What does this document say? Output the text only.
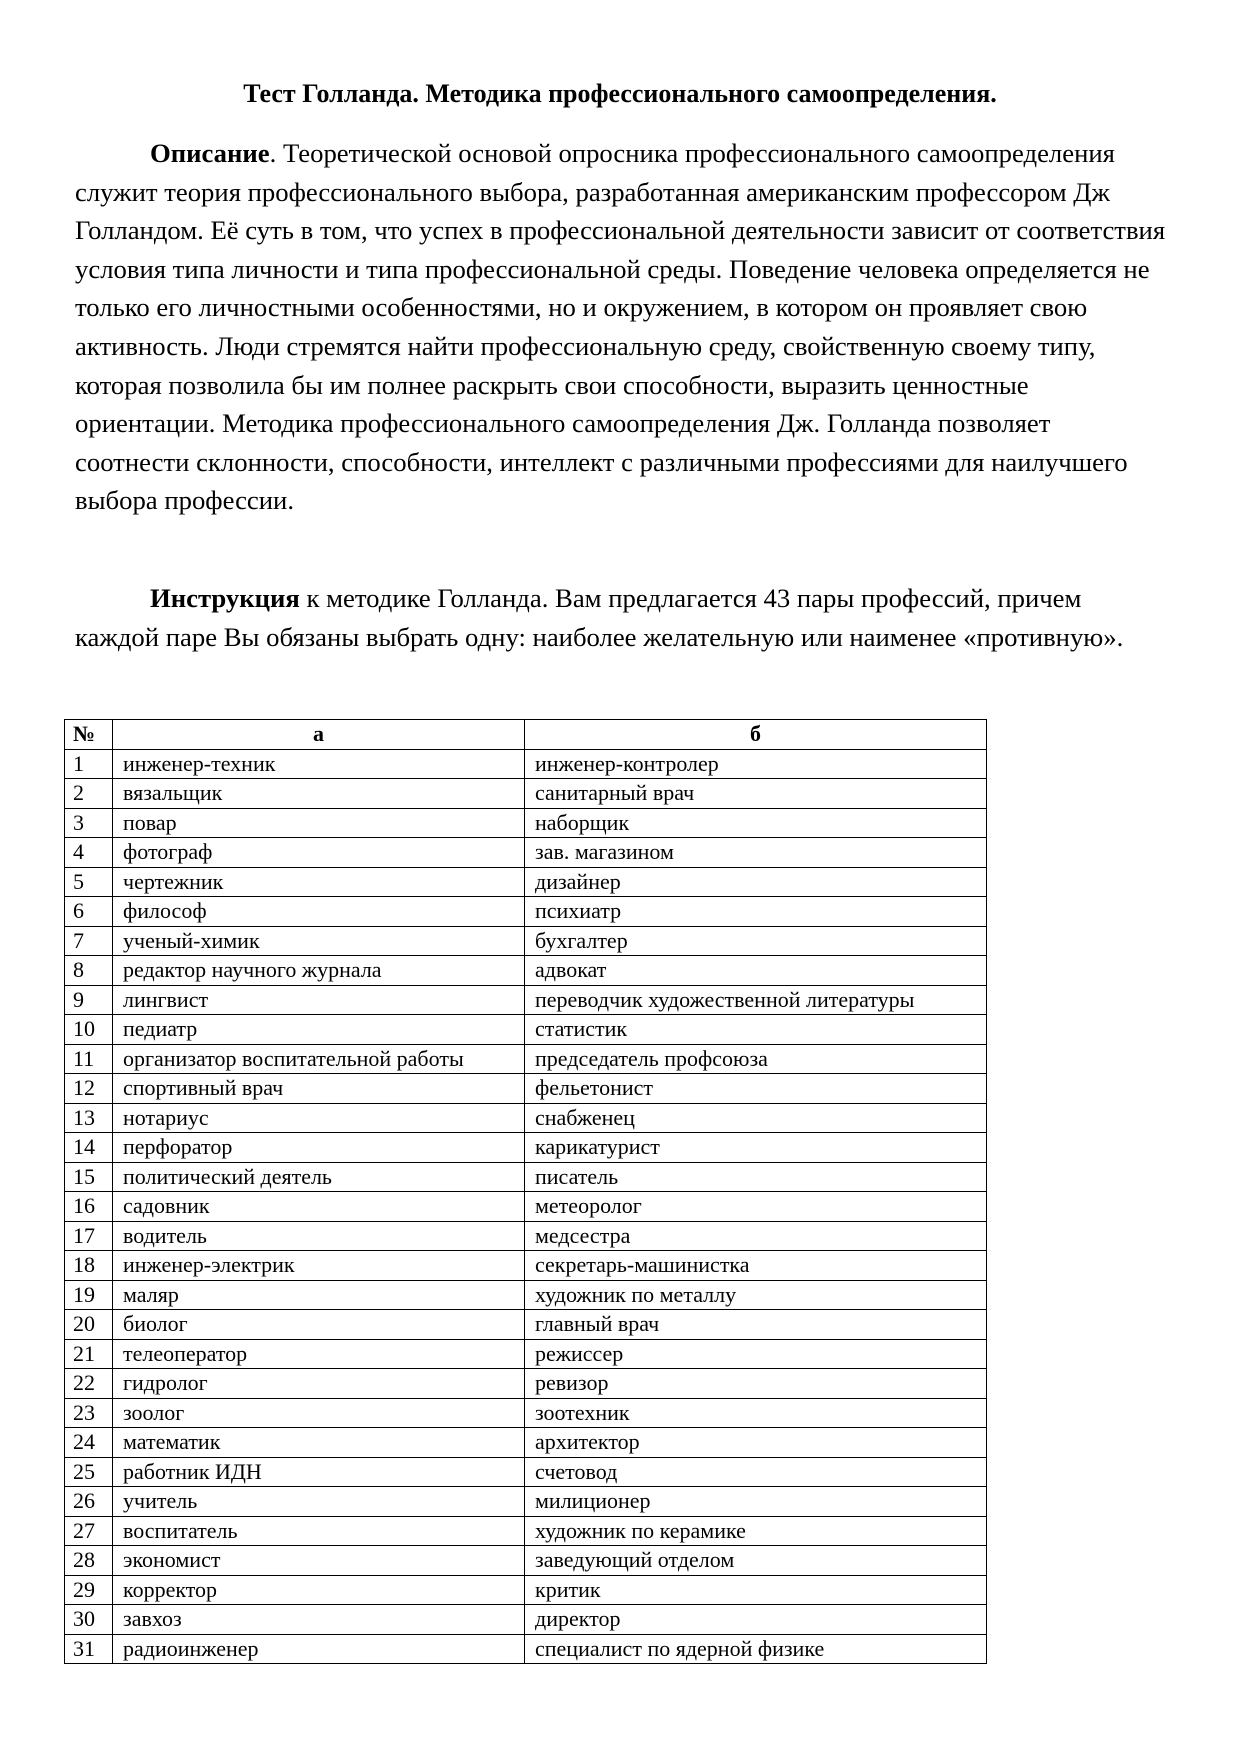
Тест Голланда. Методика профессионального самоопределения.

Описание. Теоретической основой опросника профессионального самоопределения служит теория профессионального выбора, разработанная американским профессором Дж Голландом. Её суть в том, что успех в профессиональной деятельности зависит от соответствия условия типа личности и типа профессиональной среды. Поведение человека определяется не только его личностными особенностями, но и окружением, в котором он проявляет свою активность. Люди стремятся найти профессиональную среду, свойственную своему типу, которая позволила бы им полнее раскрыть свои способности, выразить ценностные ориентации. Методика профессионального самоопределения Дж. Голланда позволяет соотнести склонности, способности, интеллект с различными профессиями для наилучшего выбора профессии.

Инструкция к методике Голланда. Вам предлагается 43 пары профессий, причем каждой паре Вы обязаны выбрать одну: наиболее желательную или наименее «противную».

№	а	б
1	инженер-техник	инженер-контролер
2	вязальщик	санитарный врач
3	повар	наборщик
4	фотограф	зав. магазином
5	чертежник	дизайнер
6	философ	психиатр
7	ученый-химик	бухгалтер
8	редактор научного журнала	адвокат
9	лингвист	переводчик художественной литературы
10	педиатр	статистик
11	организатор воспитательной работы	председатель профсоюза
12	спортивный врач	фельетонист
13	нотариус	снабженец
14	перфоратор	карикатурист
15	политический деятель	писатель
16	садовник	метеоролог
17	водитель	медсестра
18	инженер-электрик	секретарь-машинистка
19	маляр	художник по металлу
20	биолог	главный врач
21	телеоператор	режиссер
22	гидролог	ревизор
23	зоолог	зоотехник
24	математик	архитектор
25	работник ИДН	счетовод
26	учитель	милиционер
27	воспитатель	художник по керамике
28	экономист	заведующий отделом
29	корректор	критик
30	завхоз	директор
31	радиоинженер	специалист по ядерной физике
